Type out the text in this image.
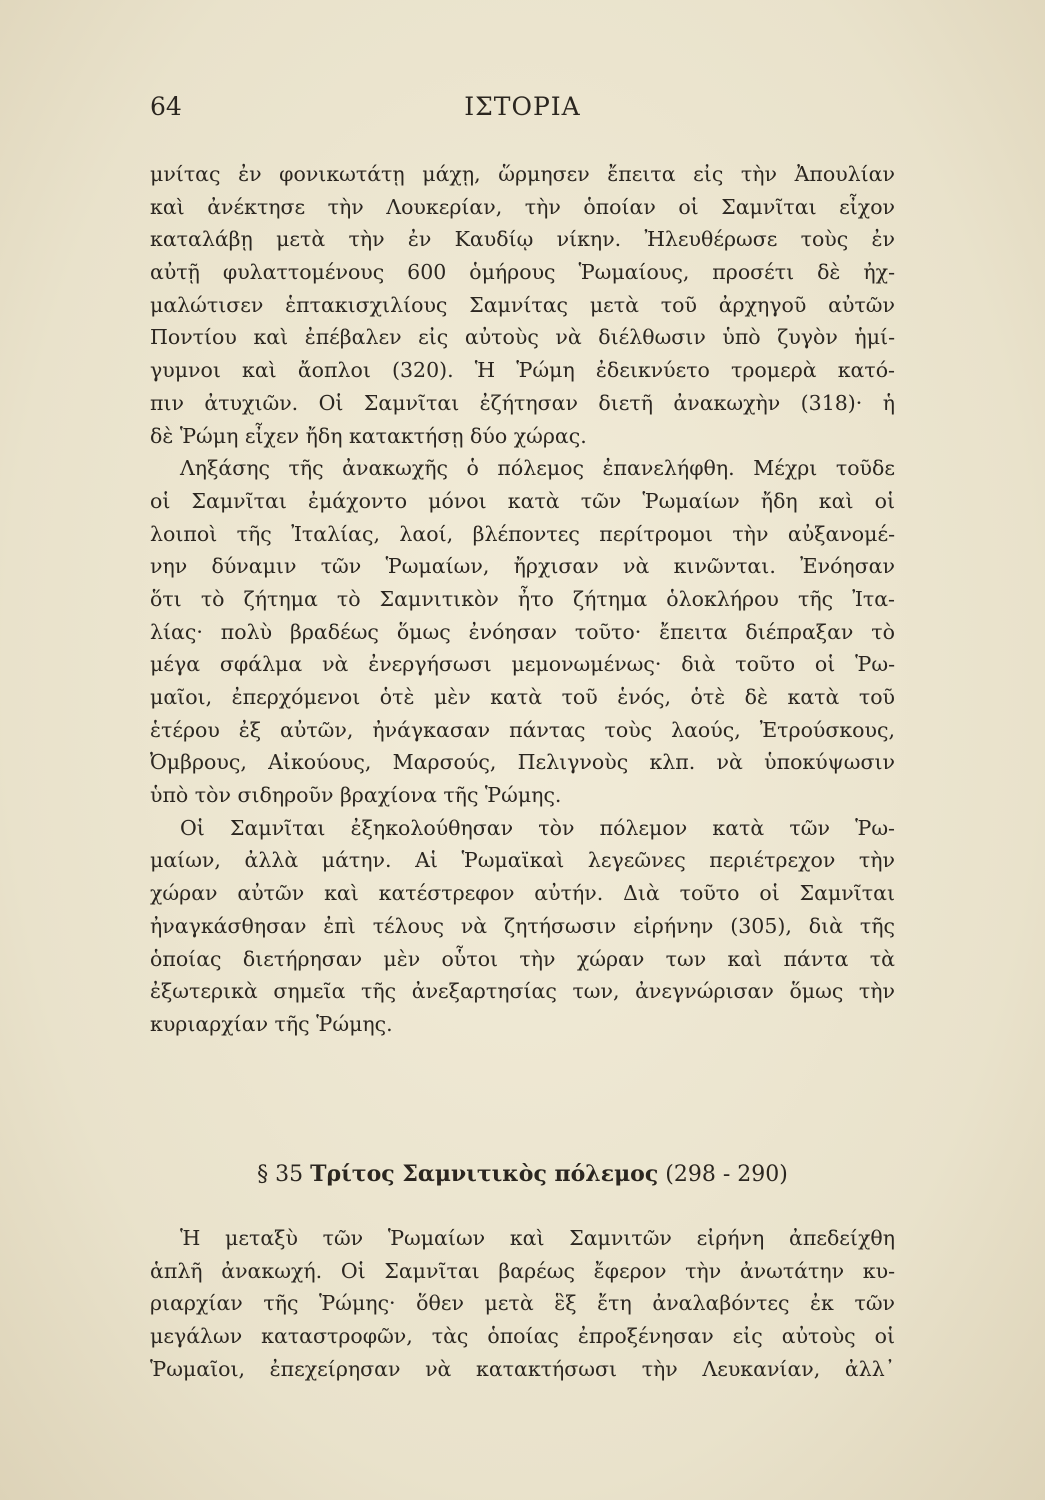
64	ΙΣΤΟΡΙΑ
μνίτας ἐν φονικωτάτῃ μάχῃ, ὥρμησεν ἔπειτα εἰς τὴν Ἀπουλίαν
καὶ ἀνέκτησε τὴν Λουκερίαν, τὴν ὁποίαν οἱ Σαμνῖται εἶχον
καταλάβῃ μετὰ τὴν ἐν Καυδίῳ νίκην. Ἠλευθέρωσε τοὺς ἐν
αὐτῇ φυλαττομένους 600 ὁμήρους Ῥωμαίους, προσέτι δὲ ἠχ-
μαλώτισεν ἑπτακισχιλίους Σαμνίτας μετὰ τοῦ ἀρχηγοῦ αὐτῶν
Ποντίου καὶ ἐπέβαλεν εἰς αὐτοὺς νὰ διέλθωσιν ὑπὸ ζυγὸν ἡμί-
γυμνοι καὶ ἄοπλοι (320). Ἡ Ῥώμη ἐδεικνύετο τρομερὰ κατό-
πιν ἀτυχιῶν. Οἱ Σαμνῖται ἐζήτησαν διετῆ ἀνακωχὴν (318)· ἡ
δὲ Ῥώμη εἶχεν ἤδη κατακτήσῃ δύο χώρας.
Ληξάσης τῆς ἀνακωχῆς ὁ πόλεμος ἐπανελήφθη. Μέχρι τοῦδε
οἱ Σαμνῖται ἐμάχοντο μόνοι κατὰ τῶν Ῥωμαίων ἤδη καὶ οἱ
λοιποὶ τῆς Ἰταλίας, λαοί, βλέποντες περίτρομοι τὴν αὐξανομέ-
νην δύναμιν τῶν Ῥωμαίων, ἤρχισαν νὰ κινῶνται. Ἐνόησαν
ὅτι τὸ ζήτημα τὸ Σαμνιτικὸν ἦτο ζήτημα ὁλοκλήρου τῆς Ἰτα-
λίας· πολὺ βραδέως ὅμως ἐνόησαν τοῦτο· ἔπειτα διέπραξαν τὸ
μέγα σφάλμα νὰ ἐνεργήσωσι μεμονωμένως· διὰ τοῦτο οἱ Ῥω-
μαῖοι, ἐπερχόμενοι ὁτὲ μὲν κατὰ τοῦ ἑνός, ὁτὲ δὲ κατὰ τοῦ
ἑτέρου ἐξ αὐτῶν, ἠνάγκασαν πάντας τοὺς λαούς, Ἐτρούσκους,
Ὀμβρους, Αἰκούους, Μαρσούς, Πελιγνοὺς κλπ. νὰ ὑποκύψωσιν
ὑπὸ τὸν σιδηροῦν βραχίονα τῆς Ῥώμης.
Οἱ Σαμνῖται ἐξηκολούθησαν τὸν πόλεμον κατὰ τῶν Ῥω-
μαίων, ἀλλὰ μάτην. Αἱ Ῥωμαϊκαὶ λεγεῶνες περιέτρεχον τὴν
χώραν αὐτῶν καὶ κατέστρεφον αὐτήν. Διὰ τοῦτο οἱ Σαμνῖται
ἠναγκάσθησαν ἐπὶ τέλους νὰ ζητήσωσιν εἰρήνην (305), διὰ τῆς
ὁποίας διετήρησαν μὲν οὗτοι τὴν χώραν των καὶ πάντα τὰ
ἐξωτερικὰ σημεῖα τῆς ἀνεξαρτησίας των, ἀνεγνώρισαν ὅμως τὴν
κυριαρχίαν τῆς Ῥώμης.
§ 35 Τρίτος Σαμνιτικὸς πόλεμος (298 - 290)
Ἡ μεταξὺ τῶν Ῥωμαίων καὶ Σαμνιτῶν εἰρήνη ἀπεδείχθη
ἁπλῆ ἀνακωχή. Οἱ Σαμνῖται βαρέως ἔφερον τὴν ἀνωτάτην κυ-
ριαρχίαν τῆς Ῥώμης· ὅθεν μετὰ ἓξ ἔτη ἀναλαβόντες ἐκ τῶν
μεγάλων καταστροφῶν, τὰς ὁποίας ἐπροξένησαν εἰς αὐτοὺς οἱ
Ῥωμαῖοι, ἐπεχείρησαν νὰ κατακτήσωσι τὴν Λευκανίαν, ἀλλ᾽
